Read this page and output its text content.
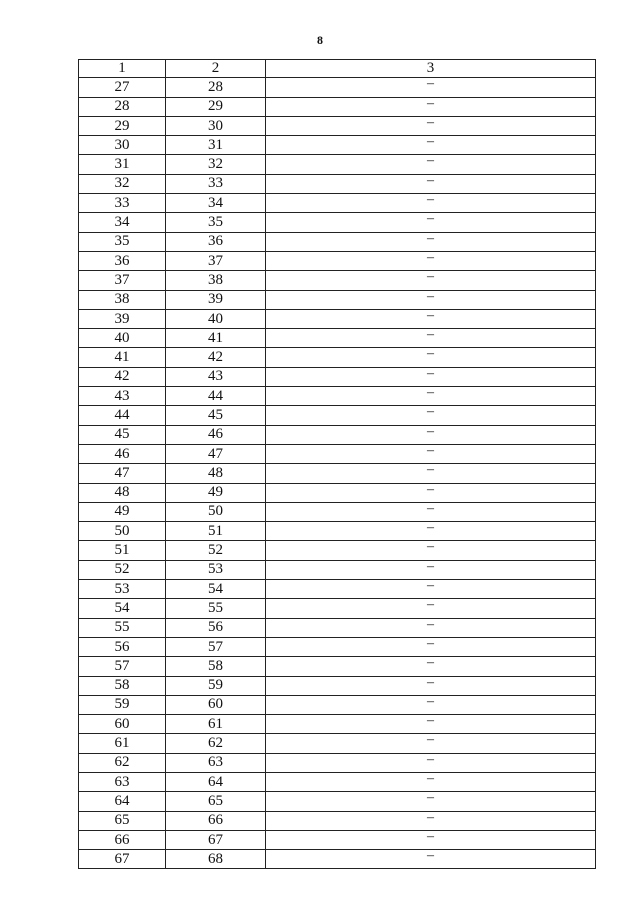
8
1	2	3
27	28	–
28	29	–
29	30	–
30	31	–
31	32	–
32	33	–
33	34	–
34	35	–
35	36	–
36	37	–
37	38	–
38	39	–
39	40	–
40	41	–
41	42	–
42	43	–
43	44	–
44	45	–
45	46	–
46	47	–
47	48	–
48	49	–
49	50	–
50	51	–
51	52	–
52	53	–
53	54	–
54	55	–
55	56	–
56	57	–
57	58	–
58	59	–
59	60	–
60	61	–
61	62	–
62	63	–
63	64	–
64	65	–
65	66	–
66	67	–
67	68	–
